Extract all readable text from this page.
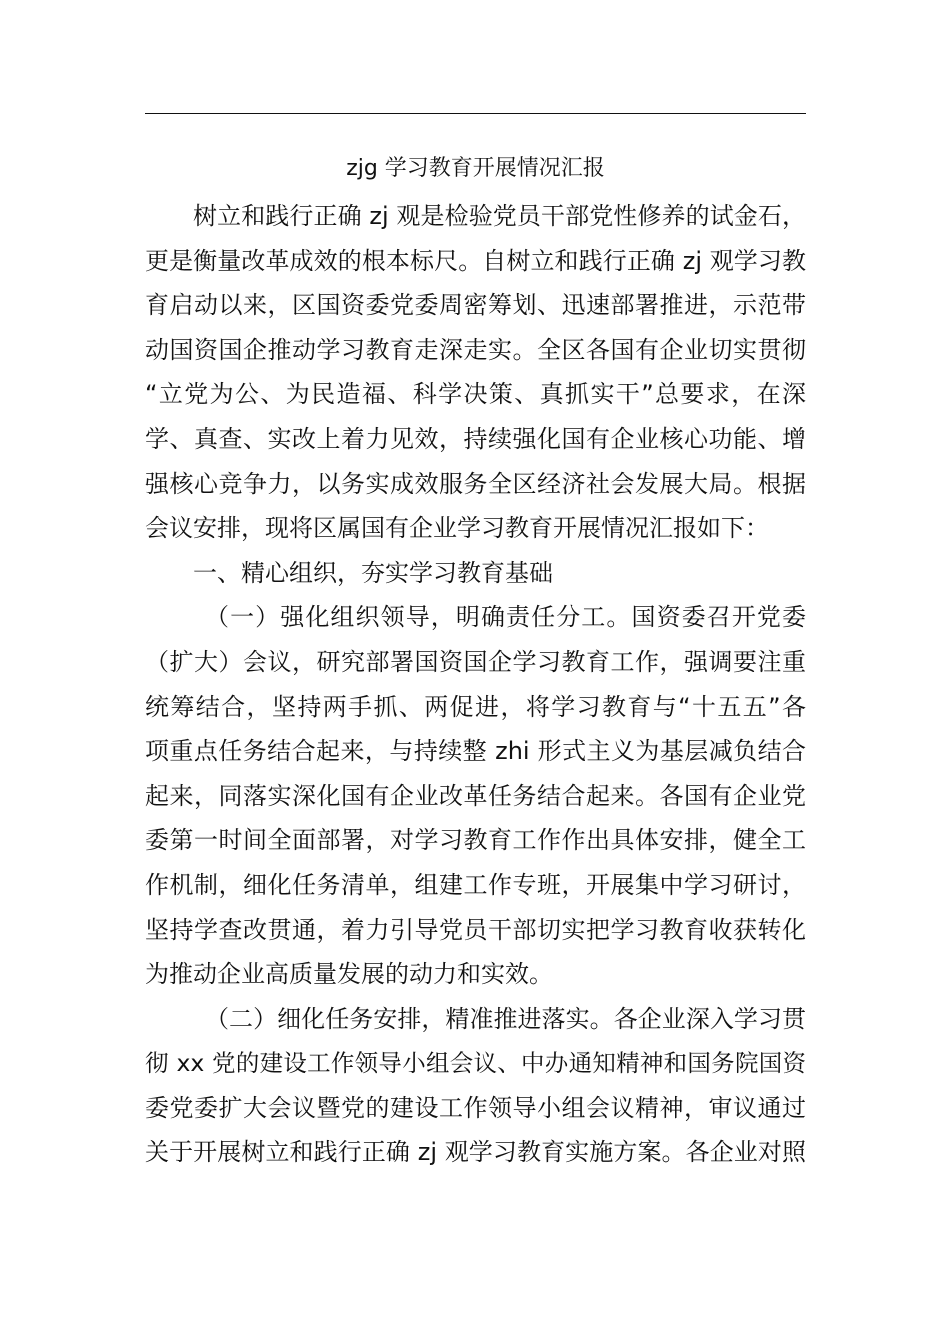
zjg 学习教育开展情况汇报
树立和践行正确 zj 观是检验党员干部党性修养的试金石，
更是衡量改革成效的根本标尺。自树立和践行正确 zj 观学习教
育启动以来，区国资委党委周密筹划、迅速部署推进，示范带
动国资国企推动学习教育走深走实。全区各国有企业切实贯彻
“立党为公、为民造福、科学决策、真抓实干”总要求，在深
学、真查、实改上着力见效，持续强化国有企业核心功能、增
强核心竞争力，以务实成效服务全区经济社会发展大局。根据
会议安排，现将区属国有企业学习教育开展情况汇报如下：
一、精心组织，夯实学习教育基础
（一）强化组织领导，明确责任分工。国资委召开党委
（扩大）会议，研究部署国资国企学习教育工作，强调要注重
统筹结合，坚持两手抓、两促进，将学习教育与“十五五”各
项重点任务结合起来，与持续整 zhi 形式主义为基层减负结合
起来，同落实深化国有企业改革任务结合起来。各国有企业党
委第一时间全面部署，对学习教育工作作出具体安排，健全工
作机制，细化任务清单，组建工作专班，开展集中学习研讨，
坚持学查改贯通，着力引导党员干部切实把学习教育收获转化
为推动企业高质量发展的动力和实效。
（二）细化任务安排，精准推进落实。各企业深入学习贯
彻 xx 党的建设工作领导小组会议、中办通知精神和国务院国资
委党委扩大会议暨党的建设工作领导小组会议精神，审议通过
关于开展树立和践行正确 zj 观学习教育实施方案。各企业对照
